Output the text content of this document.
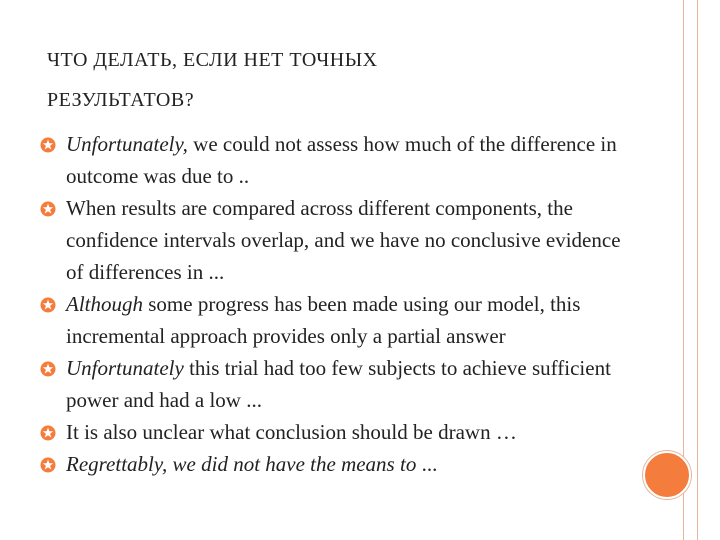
ЧТО ДЕЛАТЬ, ЕСЛИ НЕТ ТОЧНЫХ
РЕЗУЛЬТАТОВ?
Unfortunately, we could not assess how much of the difference in outcome was due to ..
When results are compared across different components, the confidence intervals overlap, and we have no conclusive evidence of differences in ...
Although some progress has been made using our model, this incremental approach provides only a partial answer
Unfortunately this trial had too few subjects to achieve sufficient power and had a low ...
It is also unclear what conclusion should be drawn …
Regrettably, we did not have the means to ...
